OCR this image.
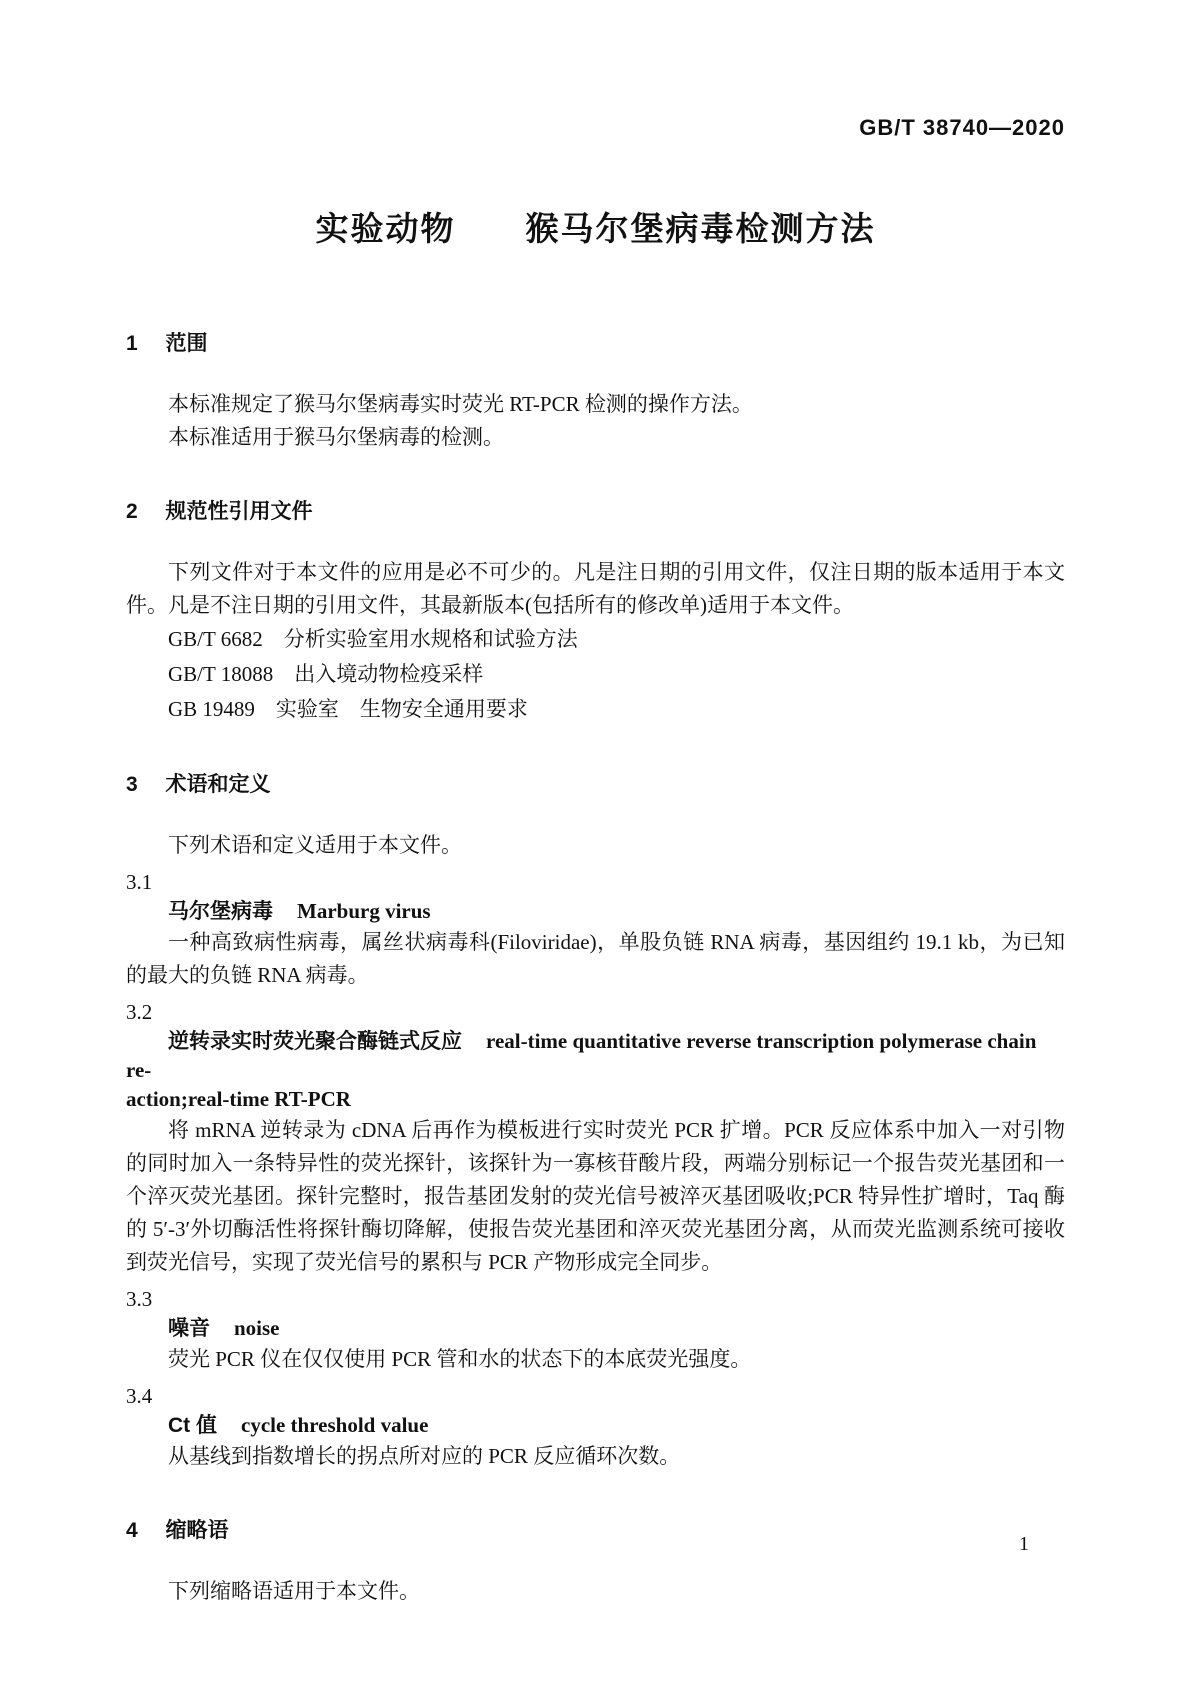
GB/T 38740—2020
实验动物　　猴马尔堡病毒检测方法
1 范围

本标准规定了猴马尔堡病毒实时荧光 RT-PCR 检测的操作方法。

本标准适用于猴马尔堡病毒的检测。

2 规范性引用文件

下列文件对于本文件的应用是必不可少的。凡是注日期的引用文件，仅注日期的版本适用于本文件。凡是不注日期的引用文件，其最新版本(包括所有的修改单)适用于本文件。

GB/T 6682　分析实验室用水规格和试验方法

GB/T 18088　出入境动物检疫采样

GB 19489　实验室　生物安全通用要求

3 术语和定义

下列术语和定义适用于本文件。

3.1
马尔堡病毒 Marburg virus

一种高致病性病毒，属丝状病毒科(Filoviridae)，单股负链 RNA 病毒，基因组约 19.1 kb，为已知的最大的负链 RNA 病毒。

3.2
逆转录实时荧光聚合酶链式反应 real-time quantitative reverse transcription polymerase chain re-
action;real-time RT-PCR

将 mRNA 逆转录为 cDNA 后再作为模板进行实时荧光 PCR 扩增。PCR 反应体系中加入一对引物的同时加入一条特异性的荧光探针，该探针为一寡核苷酸片段，两端分别标记一个报告荧光基团和一个淬灭荧光基团。探针完整时，报告基团发射的荧光信号被淬灭基团吸收;PCR 特异性扩增时，Taq 酶的 5′-3′外切酶活性将探针酶切降解，使报告荧光基团和淬灭荧光基团分离，从而荧光监测系统可接收到荧光信号，实现了荧光信号的累积与 PCR 产物形成完全同步。

3.3
噪音 noise

荧光 PCR 仪在仅仅使用 PCR 管和水的状态下的本底荧光强度。

3.4
Ct 值 cycle threshold value

从基线到指数增长的拐点所对应的 PCR 反应循环次数。

4 缩略语

下列缩略语适用于本文件。

1
